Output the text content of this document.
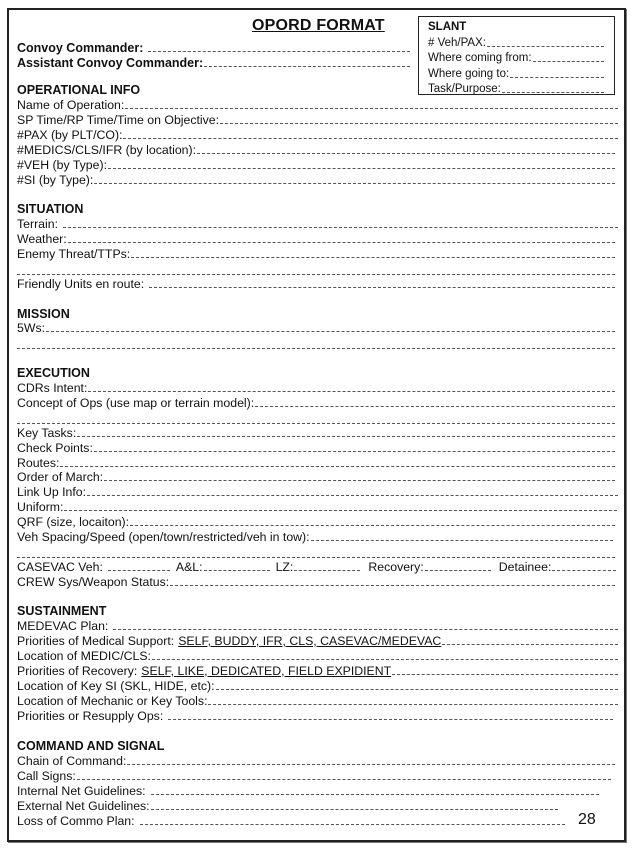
OPORD FORMAT
Convoy Commander:
Assistant Convoy Commander:
SLANT
# Veh/PAX:
Where coming from:
Where going to:
Task/Purpose:
OPERATIONAL INFO
Name of Operation:
SP Time/RP Time/Time on Objective:
#PAX (by PLT/CO):
#MEDICS/CLS/IFR (by location):
#VEH (by Type):
#SI (by Type):
SITUATION
Terrain:
Weather:
Enemy Threat/TTPs:
Friendly Units en route:
MISSION
5Ws:
EXECUTION
CDRs Intent:
Concept of Ops (use map or terrain model):
Key Tasks:
Check Points:
Routes:
Order of March:
Link Up Info:
Uniform:
QRF (size, locaiton):
Veh Spacing/Speed (open/town/restricted/veh in tow):
CASEVAC Veh:	A&L:	LZ:	Recovery:	Detainee:
CREW Sys/Weapon Status:
SUSTAINMENT
MEDEVAC Plan:
Priorities of Medical Support: SELF, BUDDY, IFR, CLS, CASEVAC/MEDEVAC
Location of MEDIC/CLS:
Priorities of Recovery: SELF, LIKE, DEDICATED, FIELD EXPIDIENT
Location of Key SI (SKL, HIDE, etc):
Location of Mechanic or Key Tools:
Priorities or Resupply Ops:
COMMAND AND SIGNAL
Chain of Command:
Call Signs:
Internal Net Guidelines:
External Net Guidelines:
Loss of Commo Plan:	28
